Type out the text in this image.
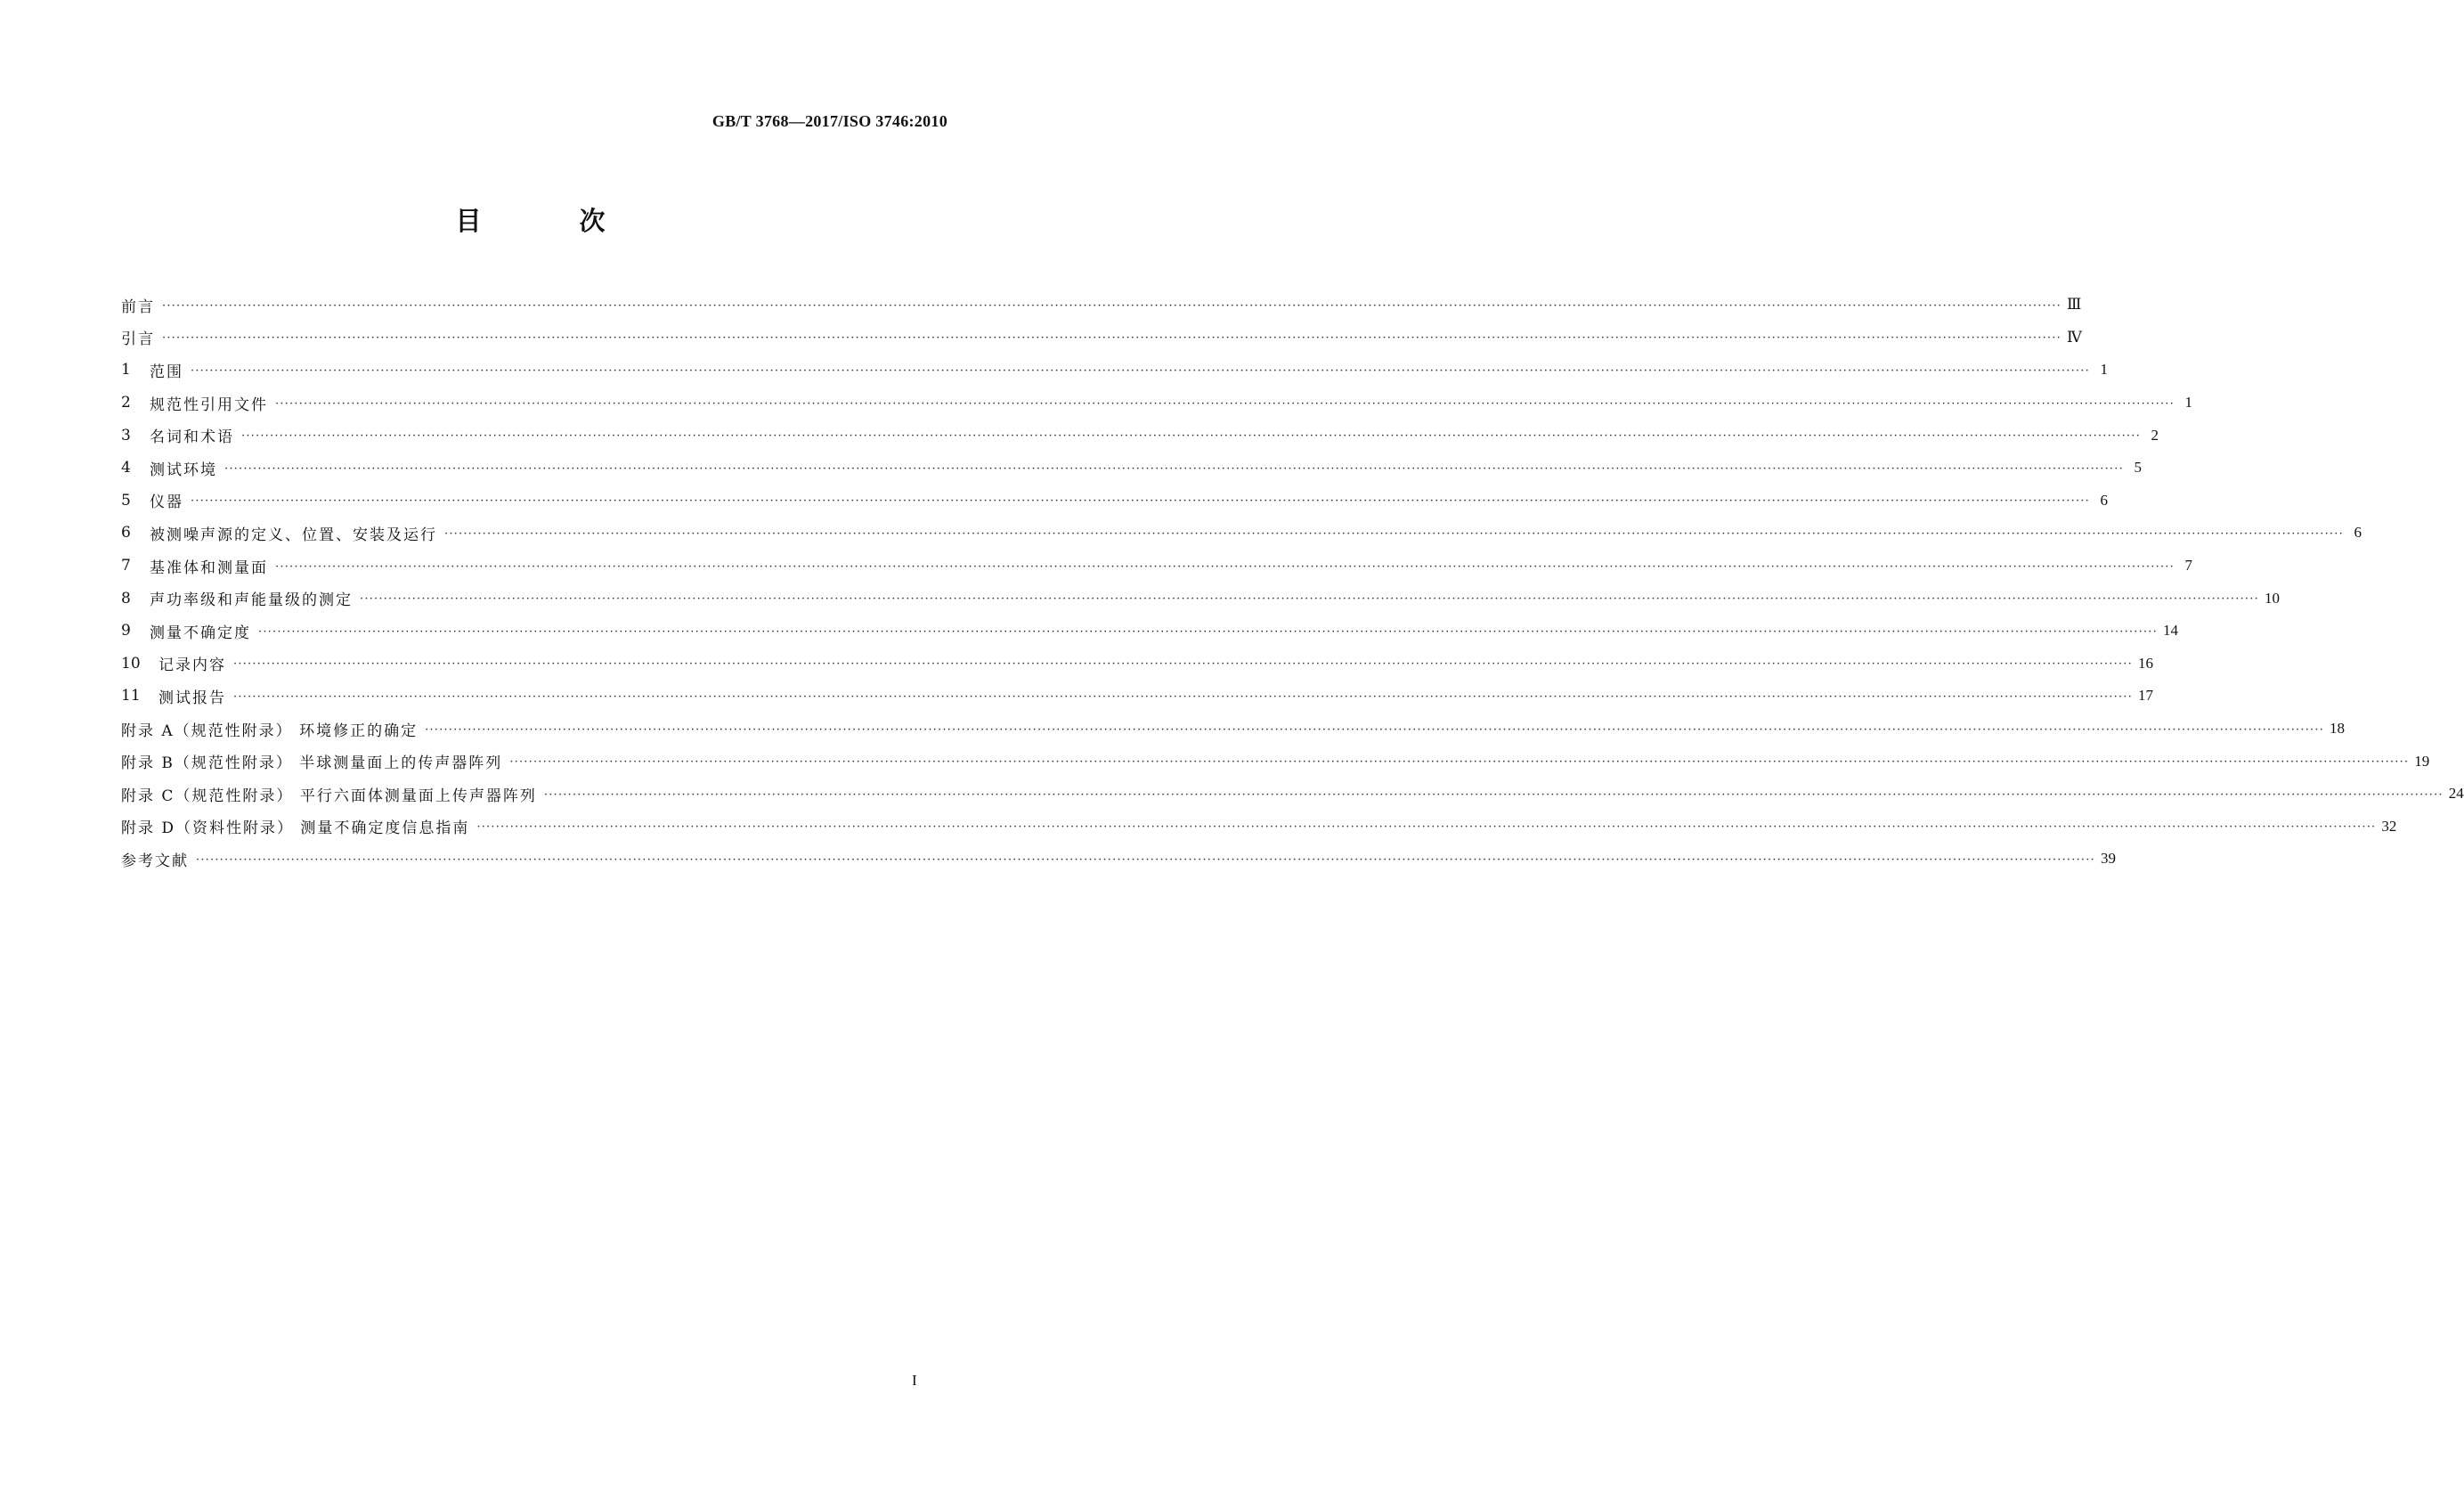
GB/T 3768—2017/ISO 3746:2010
目 次
前言 ················································································································································································································································································································································································································ Ⅲ
引言 ················································································································································································································································································································································································································ Ⅳ
1	范围 ················································································································································································································································································································································································································ 1
2	规范性引用文件 ················································································································································································································································································································································································································ 1
3	名词和术语 ················································································································································································································································································································································································································ 2
4	测试环境 ················································································································································································································································································································································································································ 5
5	仪器 ················································································································································································································································································································································································································ 6
6	被测噪声源的定义、位置、安装及运行 ················································································································································································································································································································································································································ 6
7	基准体和测量面 ················································································································································································································································································································································································································ 7
8	声功率级和声能量级的测定 ················································································································································································································································································································································································································ 10
9	测量不确定度 ················································································································································································································································································································································································································ 14
10	记录内容 ················································································································································································································································································································································································································ 16
11	测试报告 ················································································································································································································································································································································································································ 17
附录 A（规范性附录） 环境修正的确定 ················································································································································································································································································································································································································ 18
附录 B（规范性附录） 半球测量面上的传声器阵列 ················································································································································································································································································································································································································ 19
附录 C（规范性附录） 平行六面体测量面上传声器阵列 ················································································································································································································································································································································································································ 24
附录 D（资料性附录） 测量不确定度信息指南 ················································································································································································································································································································································································································ 32
参考文献 ················································································································································································································································································································································································································ 39
I
